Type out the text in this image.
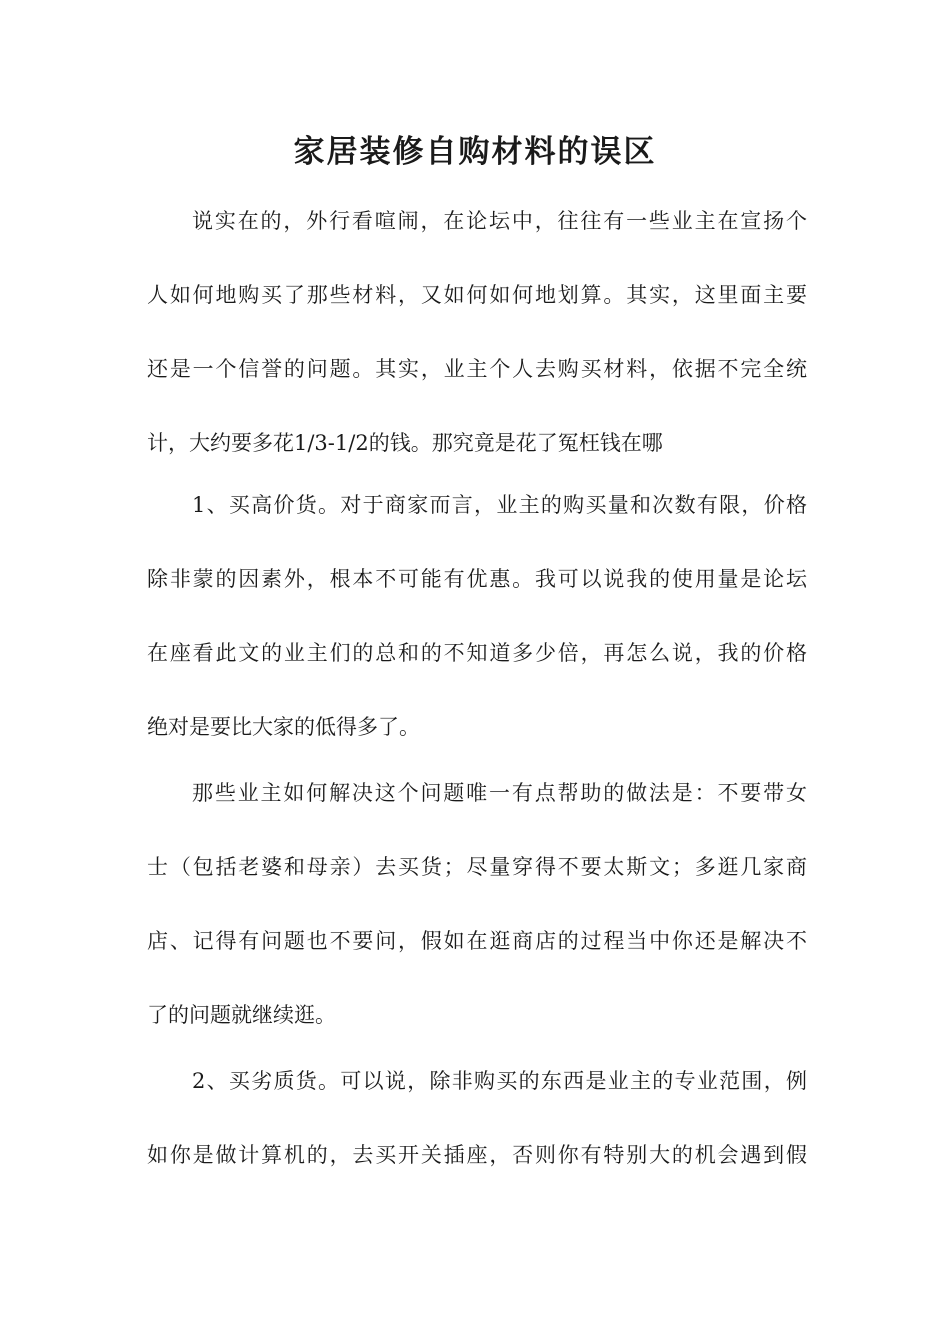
家居装修自购材料的误区
说实在的，外行看喧闹，在论坛中，往往有一些业主在宣扬个
人如何地购买了那些材料，又如何如何地划算。其实，这里面主要
还是一个信誉的问题。其实，业主个人去购买材料，依据不完全统
计，大约要多花1/3-1/2的钱。那究竟是花了冤枉钱在哪
1、买高价货。对于商家而言，业主的购买量和次数有限，价格
除非蒙的因素外，根本不可能有优惠。我可以说我的使用量是论坛
在座看此文的业主们的总和的不知道多少倍，再怎么说，我的价格
绝对是要比大家的低得多了。
那些业主如何解决这个问题唯一有点帮助的做法是：不要带女
士（包括老婆和母亲）去买货；尽量穿得不要太斯文；多逛几家商
店、记得有问题也不要问，假如在逛商店的过程当中你还是解决不
了的问题就继续逛。
2、买劣质货。可以说，除非购买的东西是业主的专业范围，例
如你是做计算机的，去买开关插座，否则你有特别大的机会遇到假
